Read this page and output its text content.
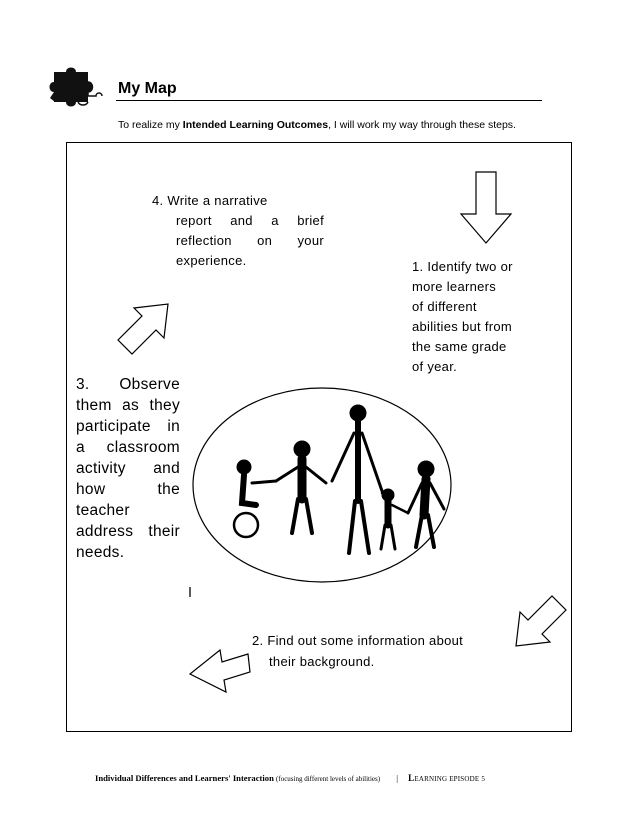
My Map
To realize my Intended Learning Outcomes, I will work my way through these steps.
4. Write a narrative
report and a brief reflection on your experience.	1. Identify two or
more learners
of different
abilities but from
the same grade
of year.
3. Observe them as they participate in a classroom activity and how the teacher address their needs.
2. Find out some information about
their background.
Individual Differences and Learners' Interaction (focusing different levels of abilities) | LEARNING EPISODE 5
